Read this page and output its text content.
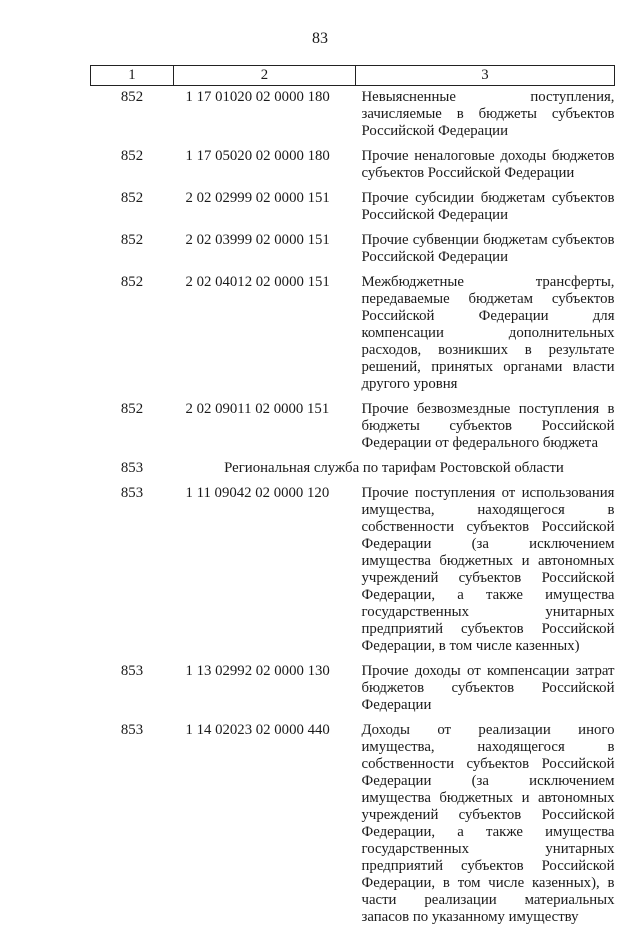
83
1	2	3
852	1 17 01020 02 0000 180	Невыясненные поступления, зачисляемые в бюджеты субъектов Российской Федерации
852	1 17 05020 02 0000 180	Прочие неналоговые доходы бюджетов субъектов Российской Федерации
852	2 02 02999 02 0000 151	Прочие субсидии бюджетам субъектов Российской Федерации
852	2 02 03999 02 0000 151	Прочие субвенции бюджетам субъектов Российской Федерации
852	2 02 04012 02 0000 151	Межбюджетные трансферты, передаваемые бюджетам субъектов Российской Федерации для компенсации дополнительных расходов, возникших в результате решений, принятых органами власти другого уровня
852	2 02 09011 02 0000 151	Прочие безвозмездные поступления в бюджеты субъектов Российской Федерации от федерального бюджета
853	Региональная служба по тарифам Ростовской области	
853	1 11 09042 02 0000 120	Прочие поступления от использования имущества, находящегося в собственности субъектов Российской Федерации (за исключением имущества бюджетных и автономных учреждений субъектов Российской Федерации, а также имущества государственных унитарных предприятий субъектов Российской Федерации, в том числе казенных)
853	1 13 02992 02 0000 130	Прочие доходы от компенсации затрат бюджетов субъектов Российской Федерации
853	1 14 02023 02 0000 440	Доходы от реализации иного имущества, находящегося в собственности субъектов Российской Федерации (за исключением имущества бюджетных и автономных учреждений субъектов Российской Федерации, а также имущества государственных унитарных предприятий субъектов Российской Федерации, в том числе казенных), в части реализации материальных запасов по указанному имуществу
